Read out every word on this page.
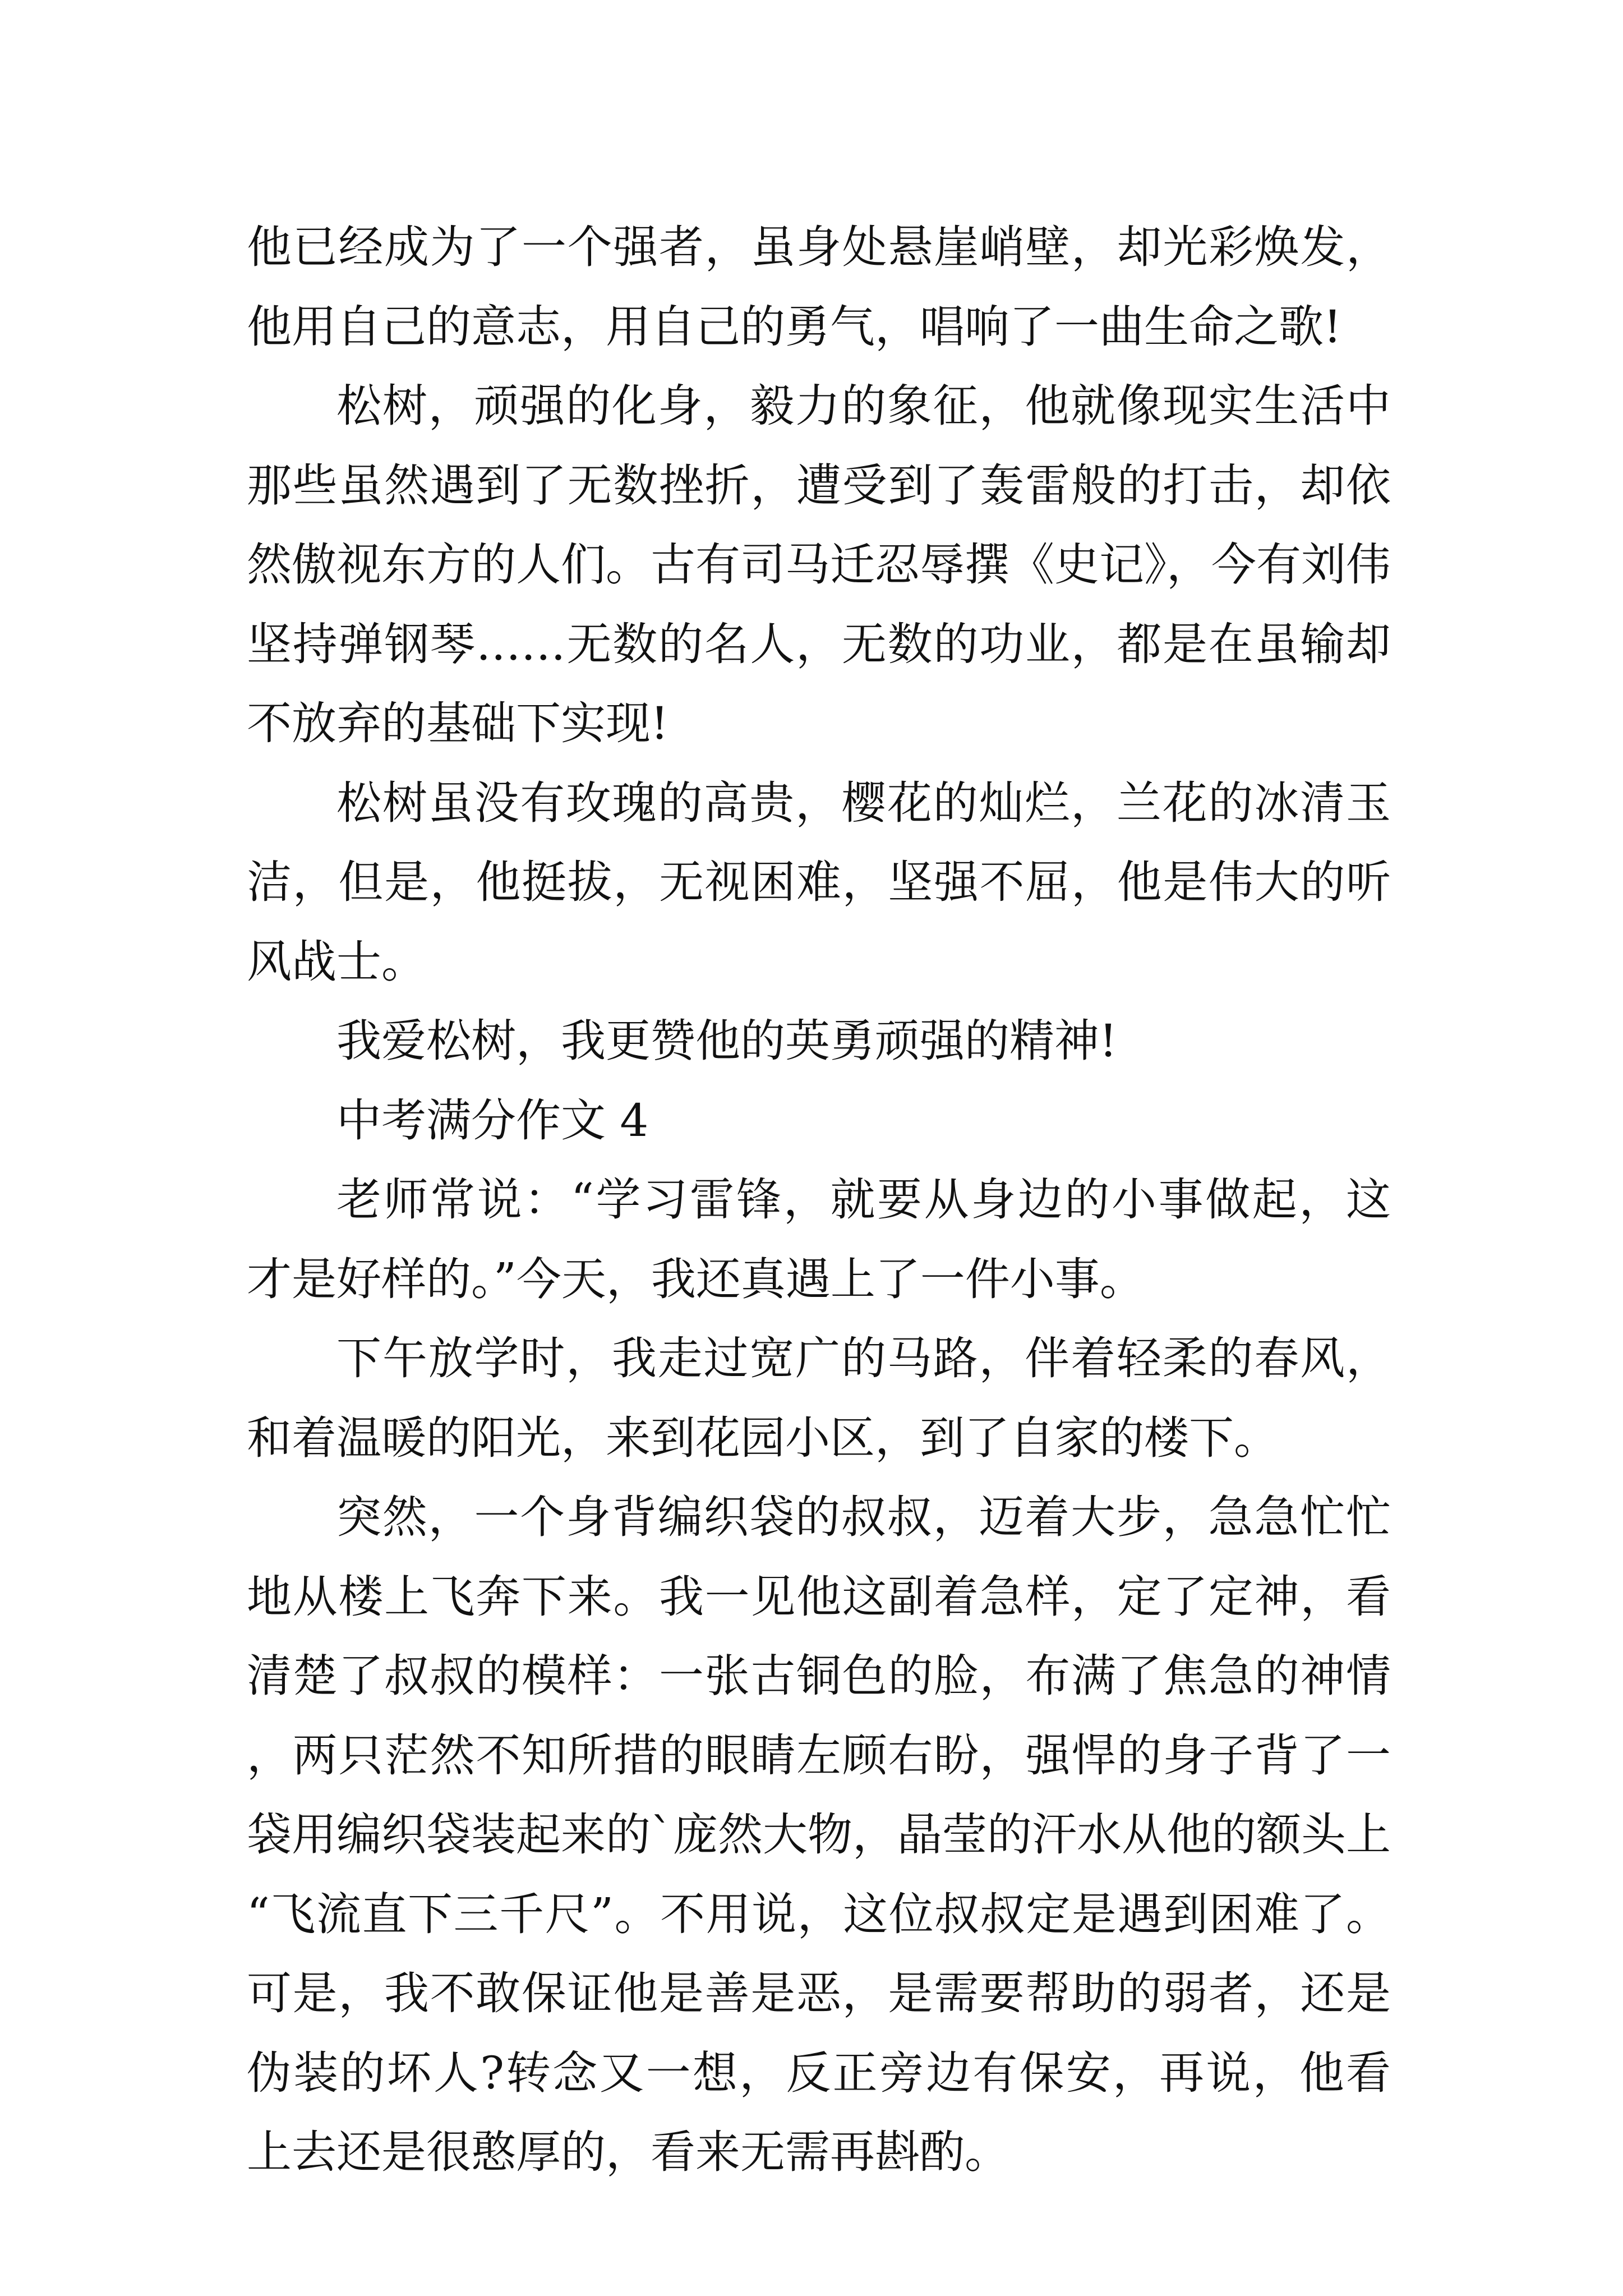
他已经成为了一个强者，虽身处悬崖峭壁，却光彩焕发，他用自己的意志，用自己的勇气，唱响了一曲生命之歌!

松树，顽强的化身，毅力的象征，他就像现实生活中那些虽然遇到了无数挫折，遭受到了轰雷般的打击，却依然傲视东方的人们。古有司马迁忍辱撰《史记》，今有刘伟坚持弹钢琴……无数的名人，无数的功业，都是在虽输却不放弃的基础下实现!

松树虽没有玫瑰的高贵，樱花的灿烂，兰花的冰清玉洁，但是，他挺拔，无视困难，坚强不屈，他是伟大的听风战士。

我爱松树，我更赞他的英勇顽强的精神!

中考满分作文 4

老师常说：“学习雷锋，就要从身边的小事做起，这才是好样的。”今天，我还真遇上了一件小事。

下午放学时，我走过宽广的马路，伴着轻柔的春风，和着温暖的阳光，来到花园小区，到了自家的楼下。

突然，一个身背编织袋的叔叔，迈着大步，急急忙忙地从楼上飞奔下来。我一见他这副着急样，定了定神，看清楚了叔叔的模样：一张古铜色的脸，布满了焦急的神情，两只茫然不知所措的眼睛左顾右盼，强悍的身子背了一袋用编织袋装起来的`庞然大物，晶莹的汗水从他的额头上“飞流直下三千尺”。不用说，这位叔叔定是遇到困难了。可是，我不敢保证他是善是恶，是需要帮助的弱者，还是伪装的坏人?转念又一想，反正旁边有保安，再说，他看上去还是很憨厚的，看来无需再斟酌。
